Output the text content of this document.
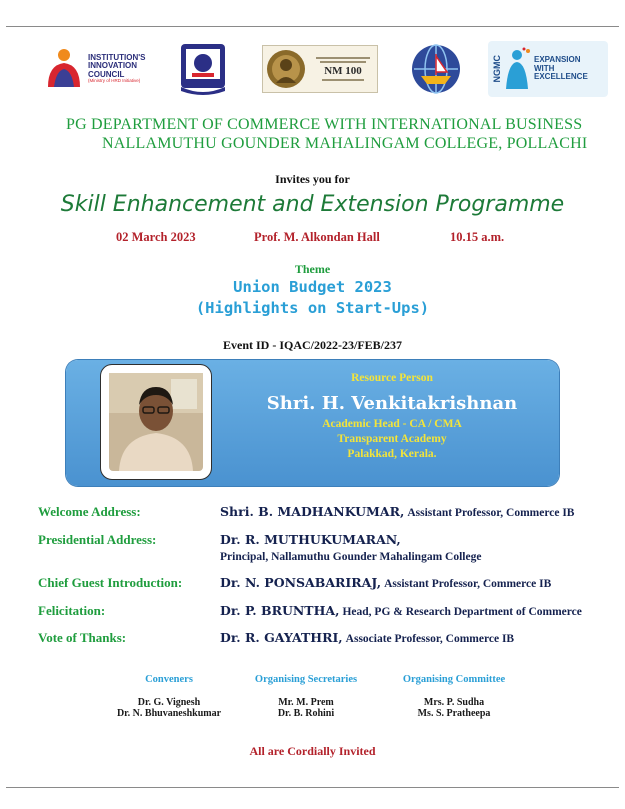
INSTITUTION'S INNOVATION COUNCIL
(Ministry of HRD Initiative)
NM 100	NGMC	EXPANSION WITH EXCELLENCE
PG DEPARTMENT OF COMMERCE WITH INTERNATIONAL BUSINESS
NALLAMUTHU GOUNDER MAHALINGAM COLLEGE, POLLACHI
Invites you for
Skill Enhancement and Extension Programme
02 March 2023	Prof. M. Alkondan Hall	10.15 a.m.
Theme
Union Budget 2023
(Highlights on Start-Ups)
Event ID - IQAC/2022-23/FEB/237
Resource Person
Shri. H. Venkitakrishnan
Academic Head - CA / CMA
Transparent Academy
Palakkad, Kerala.
Welcome Address:	Shri. B. MADHANKUMAR, Assistant Professor, Commerce IB
Presidential Address:	Dr. R. MUTHUKUMARAN,
Principal, Nallamuthu Gounder Mahalingam College
Chief Guest Introduction:	Dr. N. PONSABARIRAJ, Assistant Professor, Commerce IB
Felicitation:	Dr. P. BRUNTHA, Head, PG & Research Department of Commerce
Vote of Thanks:	Dr. R. GAYATHRI, Associate Professor, Commerce IB
Conveners
Dr. G. Vignesh
Dr. N. Bhuvaneshkumar
Organising Secretaries
Mr. M. Prem
Dr. B. Rohini
Organising Committee
Mrs. P. Sudha
Ms. S. Pratheepa
All are Cordially Invited
